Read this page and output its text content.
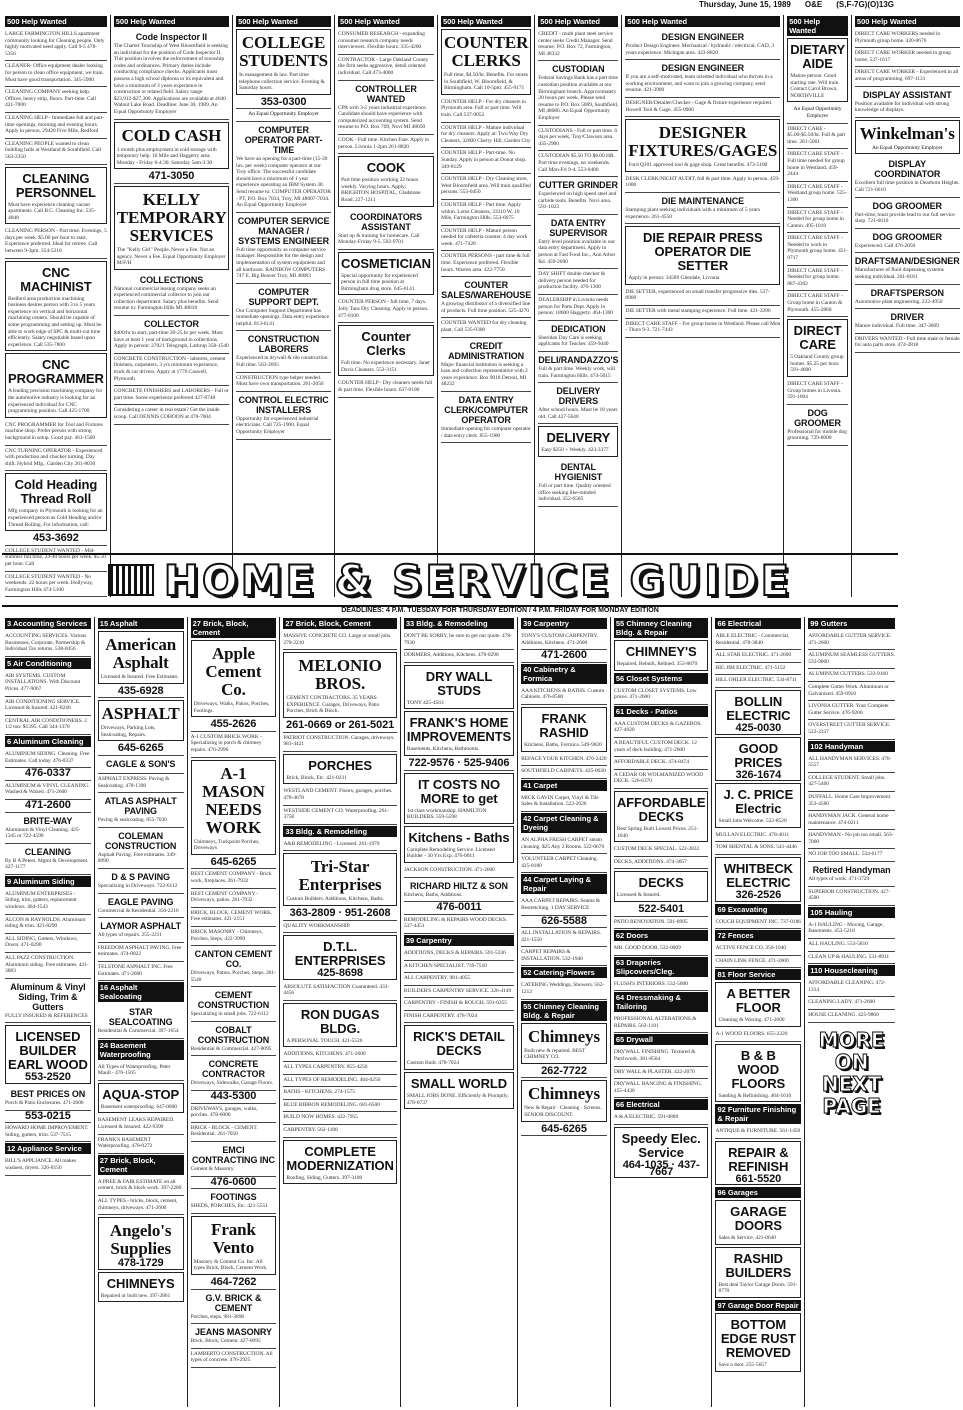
Thursday, June 15, 1989 O&E (S,F-7G)(O)13G
500 Help Wanted
LARGE FARMINGTON HILLS apartment community looking for Cleaning people. Only highly motivated need apply. Call 9-5 478-5356
CLEANER- Office equipment dealer looking for person to clean office equipment, we train. Must have good transportation. 345-5900
CLEANING COMPANY seeking help. Offices, heavy strip, floors. Part-time. Call 421-7000
CLEANING HELP - Immediate full and part-time openings, morning and evening hours. Apply in person. 29420 Five Mile, Redford
CLEANING PEOPLE wanted to clean building halls at Westland & Southfield. Call 563-2350
CLEANING PERSONNEL
Must have experience cleaning vacant apartments. Call B.C. Cleaning Inc. 535-4848
CLEANING PERSON - Part time. Evenings, 5 days per week. $5.00 per hour to start. Experience preferred. Ideal for retiree. Call between 9-3pm. 354-5210
CNC MACHINIST
Redford area production machining business desires person with 3 to 5 years experience on vertical and horizontal machining centers. Should be capable of some programming and setting up. Must be able to work edge of SPC & multi-cut time efficiently. Salary negotiable based upon experience. Call 535-7800
CNC PROGRAMMER
A leading precision machining company for the automotive industry is looking for an experienced individual for CNC programming position. Call 425-1700
CNC PROGRAMMER for Tool and Fixtures machine shop. Prefer person with strong background in setup. Good pay. 461-1500
CNC TURNING OPERATOR - Experienced with production and chucker turning. Day shift. Hybrid Mfg., Garden City 261-8030
Cold Heading Thread Roll
Mfg company in Plymouth is looking for an experienced person as Cold Heading and/or Thread Rolling. For information, call:
453-3692
COLLEGE STUDENT WANTED - Mid-summer full time, 24-40 hours per week. $5.50 per hour. Call
COLLEGE STUDENT WANTED - No weekends. 22 hours per week. Hollyway, Farmington Hills 474-5100
500 Help Wanted
Code Inspector II
The Charter Township of West Bloomfield is seeking an individual for the position of Code Inspector II. This position involves the enforcement of township codes and ordinances. Primary duties include conducting compliance checks. Applicants must possess a high school diploma or its equivalent and have a minimum of 3 years experience in construction or related field. Salary range $23,912-$27,300. Applications are available at 4640 Walnut Lake Road. Deadline: June 30, 1989. An Equal Opportunity Employer
COLD CASH
1 month plus employment in cold storage with temporary help. 10 Mile and Haggerty area. Monday - Friday 6-4:30. Saturday 5am-3:30
471-3050
KELLY TEMPORARY SERVICES
The "Kelly Girl" People. Never a Fee. Not an agency. Never a Fee. Equal Opportunity Employer M/F/H
COLLECTIONS
National commercial leasing company seeks an experienced commercial collector to join our collection department. Salary plus benefits. Send resume to: Farmington Hills MI 48018
COLLECTOR
$400/hr to start, part-time 20-25 hr per week. Must have at least 1 year of background in collections. Apply in person: 27021 Telegraph, Lathrup 358-1540
CONCRETE CONSTRUCTION - laborers, cement finishers, carpenters, 3 yrs minimum experience, truck & car drivers. Apply at 1776 Caswell, Plymouth
CONCRETE FINISHERS and LABORERS - Full or part time. Some experience preferred 427-8748
Considering a career in real estate? Get the inside scoop. Call DENNIS COHOON at 478-7004
500 Help Wanted
COLLEGE STUDENTS
In management & law. Part time telephone collection service. Evening & Saturday hours.
353-0300
An Equal Opportunity Employer
COMPUTER OPERATOR PART-TIME
We have an opening for a part-time (15-20 hrs. per week) computer operator at our Troy office. The successful candidate should have a minimum of 1 year experience operating an IBM System 38. Send resume to: COMPUTER OPERATOR - PT, P.O. Box 7034, Troy, MI 48007-7034. An Equal Opportunity Employer
COMPUTER SERVICE MANAGER / SYSTEMS ENGINEER
Full time opportunity as computer service manager. Responsible for the design and implementation of system equipment and all hardware. RAINBOW COMPUTERS 747 E. Big Beaver Troy, MI 48083
COMPUTER SUPPORT DEPT.
Our Computer Support Department has immediate openings. Data entry experience helpful. 813-6141
CONSTRUCTION LABORERS
Experienced in drywall & tile construction. Full time. 563-2695
CONSTRUCTION type helper needed. Must have own transportation. 261-2056
CONTROL ELECTRIC INSTALLERS
Opportunity for experienced industrial electricians. Call 725-1900. Equal Opportunity Employer
500 Help Wanted
CONSUMER RESEARCH - expanding consumer research company needs interviewers. Flexible hours. 335-4200
CONTRACTOR - Large Oakland County tile firm seeks aggressive, detail oriented individual. Call 473-4000
CONTROLLER WANTED
CPA with 3-5 years industrial experience. Candidate should have experience with computerized accounting system. Send resume to P.O. Box 709, Novi MI 48050
COOK - Full time. Kitchen Fare. Apply in person. Livonia 1-2pm 261-8820
COOK
Part time position working 22 hours weekly. Varying hours. Apply: BRIGHTON HOSPITAL, Gladstone Road. 227-1211
COORDINATORS ASSISTANT
Start up & training for homecare. Call Monday-Friday 9-5. 592-9701
COSMETICIAN
Special opportunity for experienced person in full time position at Birmingham drug store. 645-6141
COUNTER PERSON - full time, 7 days. Jolly Tans Dry Cleaning. Apply in person. 477-0100
Counter Clerks
Full time. No experience necessary. Janet Davis Cleaners. 553-3151
COUNTER HELP - Dry cleaners needs full & part time. Flexible hours. 637-0100
500 Help Wanted
COUNTER CLERKS
Full time, $4.50/hr. Benefits. For stores in Southfield, W. Bloomfield, & Birmingham. Call 10-5pm: 455-9171
COUNTER HELP - For dry cleaners in Plymouth area. Full or part time. Will train. Call 537-9052
COUNTER HELP - Mature individual for dry cleaners. Apply at: Two Way Dry Cleaners, 32600 Cherry Hill, Garden City
COUNTER HELP - Part-time. No Sunday. Apply in person at Donut shop. 349-8129
COUNTER HELP - Dry Cleaning store, West Bloomfield area. Will train qualified persons. 553-0450
COUNTER HELP - Part time. Apply within. Lotus Cleaners, 33310 W. 10 Mile, Farmington Hills. 553-6075
COUNTER HELP - Mature person needed for cafeteria counter. 4 day work week. 471-7420
COUNTER PERSONS - part time & full time. Experience preferred. Flexible hours. Warren area. 422-7750
COUNTER SALES/WAREHOUSE
A growing distributor of a diversified line of products. Full time position. 525-4270
COUNTER WANTED for dry cleaning plant. Call 535-9300
CREDIT ADMINISTRATION
Major financial institution is seeking a loan and collection representative with 2 years experience. Box 9018 Detroit, MI 48232
DATA ENTRY CLERK/COMPUTER OPERATOR
Immediate opening for computer operator / data entry clerk. 855-1900
500 Help Wanted
CREDIT - multi plant steel service center seeks Credit Manager. Send resume: P.O. Box 72, Farmington, MI 48332
CUSTODIAN
Federal Savings Bank has a part time custodian position available at our Birmingham branch. Approximately 20 hours per week. Please send resume to P.O. Box 5089, Southfield, MI 48086. An Equal Opportunity Employer
CUSTODIANS - Full or part time. 6 days per week, Troy/Clawson area. 435-2900
CUSTODIAN $5.50 TO $6.00 HR. Part time evenings, no weekends. Call Mon-Fri 9-4. 553-0480
CUTTER GRINDER
Experienced on high speed steel and carbide tools. Benefits. Novi area. 591-1023
DATA ENTRY SUPERVISOR
Entry level position available in our data entry department. Apply in person at Fast Food Inc., Ann Arbor Rd. 459-2090
DAY SHIFT double checker & delivery person needed for production facility. 476-1300
DEALERSHIP in Livonia needs person for Parts Dept. Apply in person: 18600 Haggerty. 464-1300
DEDICATION
Sheridan Day Care is seeking applicants for Teacher. 459-9440
DELI/RANDAZZO'S
Full & part time. Weekly work, will train. Farmington Hills. 474-5015
DELIVERY DRIVERS
After school hours. Must be 18 years old. Call 427-5640
DELIVERY
Easy $250 + Weekly. 423-3377
DENTAL HYGIENIST
Full or part time. Quality oriented office seeking like-minded individual. 352-6505
500 Help Wanted
DESIGN ENGINEER
Product Design Engineer. Mechanical / hydraulic / electrical. CAD, 3 years experience. Michigan area. 423-8820
DESIGN ENGINEER
If you are a self-motivated, team oriented individual who thrives in a working environment, and want to join a growing company, send resume. 421-3900
DESIGNER/Detailer/Checker - Gage & fixture experience required. Howell Tool & Gage. 455-0900
DESIGNER FIXTURES/GAGES
Ford Q101 approved tool & gage shop. Great benefits. 473-5100
DESK CLERK/NIGHT AUDIT, full & part time. Apply in person. 459-1000
DIE MAINTENANCE
Stamping plant seeking individuals with a minimum of 5 years experience. 261-4550
DIE REPAIR PRESS OPERATOR DIE SETTER
Apply in person: 34589 Glendale, Livonia
DIE SETTER, experienced on small transfer progressive dies. 537-8900
DIE SETTER with metal stamping experience. Full time. 421-3396
DIRECT CARE STAFF - For group home in Westland. Please call Mon - Thurs 9-3. 721-7443
500 Help Wanted
DIETARY AIDE
Mature person. Good starting rate. Will train. Contact Carol Brown, NORTHVILLE
An Equal Opportunity Employer
DIRECT CARE - $5.00-$5.50/hr. Full & part time. 281-5001
DIRECT CARE STAFF - Full time needed for group home in Westland. 459-2444
DIRECT CARE STAFF - Westland group home. 525-1300
DIRECT CARE STAFF - Needed for group home in Canton. 495-1010
DIRECT CARE STAFF - Needed to work in Plymouth group home. 451-0717
DIRECT CARE STAFF - Needed for group home. 887-4302
DIRECT CARE STAFF - Group home in Canton & Plymouth. 455-2860
DIRECT CARE
5 Oakland County group homes. $5.25 per hour. 591-4600
DIRECT CARE STAFF - Group homes in Livonia. 591-1004
DOG GROOMER
Professional for mobile dog grooming. 729-8000
500 Help Wanted
DIRECT CARE WORKERS needed in Plymouth group home. 420-0676
DIRECT CARE WORKER needed in group home. 537-1617
DIRECT CARE WORKER - Experienced in all areas of programming. 697-1131
DISPLAY ASSISTANT
Position available for individual with strong knowledge of displays.
Winkelman's
An Equal Opportunity Employer
DISPLAY COORDINATOR
Excellent full time position in Dearborn Heights. Call 721-6610
DOG GROOMER
Part-time, must provide lead to our full service shop. 721-6610
DOG GROOMER
Experienced. Call 476-2050
DRAFTSMAN/DESIGNER
Manufacturer of fluid dispensing systems seeking individual. 261-0181
DRAFTSPERSON
Automotive plant engineering. 222-4950
DRIVER
Mature individual. Full time. 347-3609
DRIVERS WANTED - Full time male or female for auto parts store. 474-2818
HOME & SERVICE GUIDE
DEADLINES: 4 P.M. TUESDAY FOR THURSDAY EDITION / 4 P.M. FRIDAY FOR MONDAY EDITION
3 Accounting Services
ACCOUNTING SERVICES. Various Businesses, Corporate, Partnership & Individual Tax returns. 538-0456
5 Air Conditioning
AIR SYSTEMS. CUSTOM INSTALLATIONS. With Discount Prices. 477-9067
AIR CONDITIONING SERVICE. Licensed & Insured. 421-0240
CENTRAL AIR CONDITIONERS. 2 1/2 ton: $1395. Call 344-1378
6 Aluminum Cleaning
ALUMINUM SIDING. Cleaning. Free Estimates. Call today. 476-0337
476-0337
ALUMINUM & VINYL CLEANING. Washed & Waxed. 471-2600
471-2600
BRITE-WAY
Aluminum & Vinyl Cleaning. 425-1345 or 722-4590
CLEANING
By B A Peters. Mgmt & Development. 427-1177
9 Aluminum Siding
ALUMINUM ENTERPRISES - Siding, trim, gutters, replacement windows. 464-1543
ALCON & RAYNOLDS. Aluminum siding & trim. 421-8290
ALL SIDING, Gutters, Windows, Doors. 471-0290
ALL PAZZ CONSTRUCTION. Aluminum siding. Free estimates. 421-3883
Aluminum & Vinyl Siding, Trim & Gutters
FULLY INSURED & REFERENCES
LICENSED BUILDER EARL WOOD
553-2520
BEST PRICES ON
Porch & Patio Enclosures. 471-2600
553-0215
HOWARD HOME IMPROVEMENT. Siding, gutters, trim. 537-7515
12 Appliance Service
BILL'S APPLIANCE. All makes washers, dryers. 326-8150
15 Asphalt
American Asphalt
Licensed & Insured. Free Estimates.
435-6928
ASPHALT
Driveways, Parking Lots, Sealcoating, Repairs.
645-6265
CAGLE & SON'S
ASPHALT EXPRESS. Paving & Sealcoating. 478-1390
ATLAS ASPHALT PAVING
Paving & sealcoating. 855-7030
COLEMAN CONSTRUCTION
Asphalt Paving. Free estimates. 349-8090
D & S PAVING
Specializing in Driveways. 722-6112
EAGLE PAVING
Commercial & Residential. 356-2216
LAYMOR ASPHALT
All types of repairs. 255-2211
FREEDOM ASPHALT PAVING. Free estimates. 474-0022
TELSTONE ASPHALT INC. Free Estimates. 471-2600
16 Asphalt Sealcoating
STAR SEALCOATING
Residential & Commercial. 397-1654
24 Basement Waterproofing
All Types of Waterproofing. Peter Maull - 476-1565
AQUA-STOP
Basement waterproofing. 647-0800
BASEMENT LEAKS REPAIRED. Licensed & Insured. 422-9390
FRANK'S BASEMENT Waterproofing. 478-0272
27 Brick, Block, Cement
A PREE & FAIR ESTIMATE on all cement, brick & block work. 397-2200
ALL TYPES - bricks, block, cement, chimneys, driveways. 471-2600
Angelo's Supplies
478-1729
CHIMNEYS
Repaired or built new. 397-2861
27 Brick, Block, Cement
Apple Cement Co.
Driveways, Walks, Patios, Porches, Footings.
455-2626
A-1 CUSTOM BRICK WORK - Specializing in porch & chimney repairs. 476-2990
A-1 MASON NEEDS WORK
Chimneys, Tuckpoint Porches, Driveways
645-6265
BEST CEMENT COMPANY - Brick work, fireplaces. 261-7932
BEST CEMENT COMPANY - Driveways, patios. 261-7932
BRICK, BLOCK, CEMENT WORK. Free estimates. 421-2151
BRICK MASONRY - Chimneys, Porches, Steps. 422-3999
CANTON CEMENT CO.
Driveways, Patios, Porches, Steps. 261-5540
CEMENT CONSTRUCTION
Specializing in small jobs. 722-6112
COBALT CONSTRUCTION
Residential & Commercial. 427-0095
CONCRETE CONTRACTOR
Driveways, Sidewalks, Garage Floors.
443-5300
DRIVEWAYS, garages, walks, porches. 478-6000
BRICK - BLOCK - CEMENT. Residential. 261-7050
EMCI CONTRACTING INC
Cement & Masonry.
476-0600
FOOTINGS
SHEDS, PORCHES, Etc. 421-5551
Frank Vento
Masonry & Cement Co. Inc. All types Brick, Block, Cement Work.
464-7262
G.V. BRICK & CEMENT
Porches, steps. 981-3896
JEANS MASONRY
Brick, Block, Cement. 427-0095
LAMBERTO CONSTRUCTION. All types of concrete. 476-2925
27 Brick, Block, Cement
MASSIVE CONCRETE CO. Large or small jobs. 278-2210
MELONIO BROS.
CEMENT CONTRACTORS. 35 YEARS EXPERIENCE. Garages, Driveways, Patio Porches, Brick & Block.
261-0669 or 261-5021
PATRIOT CONSTRUCTION. Garages, driveways. 981-4421
PORCHES
Brick, Block, Etc. 421-0231
WESTLAND CEMENT. Floors, garages, porches. 478-4678
WESTSIDE CEMENT CO. Waterproofing. 261-3758
33 Bldg. & Remodeling
A&B REMODELING - Licensed. 261-1970
Tri-Star Enterprises
Custom Builders. Additions, Kitchens, Baths.
363-2809 · 951-2608
QUALITY WORKMANSHIP.
D.T.L. ENTERPRISES
425-8698
ABSOLUTE SATISFACTION Guaranteed. 433-4456
RON DUGAS BLDG.
A PERSONAL TOUCH. 421-5526
ADDITIONS, KITCHENS. 471-2600
ALL TYPES CARPENTRY. 855-4250
ALL TYPES OF REMODELING. 464-0250
BATHS - KITCHENS. 274-1575
BLUE RIBBON REMODELING. 681-6500
BUILD NOW HOMES. 422-7955
CARPENTRY. 562-1188
COMPLETE MODERNIZATION
Roofing, Siding, Gutters. 397-3100
33 Bldg. & Remodeling
DON'T BE SORRY, be sure to get our quote. 478-7930
DORMERS, Additions, Kitchens. 478-0290
DRY WALL STUDS
TONY 425-4563
FRANK'S HOME IMPROVEMENTS
Basements, Kitchens, Bathrooms.
722-9576 · 525-9406
IT COSTS NO MORE to get
1st class workmanship. HAMILTON BUILDERS. 559-5598
Kitchens - Baths
Complete Remodeling Service. Licensed Builder - 30 Yrs Exp. 476-0011
JACKSON CONSTRUCTION. 471-2600
RICHARD HILTZ & SON
Kitchens, Baths, Additions.
476-0011
REMODELING & REPAIRS WOOD DECKS. 537-4451
39 Carpentry
ADDITIONS, DECKS & REPAIRS. 591-5336
A KITCHEN SPECIALIST. 739-7510
ALL CARPENTRY. 981-4055
BUILDER'S CARPENTRY SERVICE. 326-4149
CARPENTRY - FINISH & ROUGH. 591-0355
FINISH CARPENTRY. 478-7024
RICK'S DETAIL DECKS
Custom Built. 478-7024
SMALL WORLD
SMALL JOBS DONE. Efficiently & Promptly. 478-0737
39 Carpentry
TONY'S CUSTOM CARPENTRY. Additions, Kitchens. 471-2600
471-2600
40 Cabinetry & Formica
AAA KITCHENS & BATHS. Custom Cabinets. 476-0580
FRANK RASHID
Kitchens, Baths, Formica. 549-9820
REFACE YOUR KITCHEN. 476-2420
SOUTHFIELD CABINETS. 425-0030
41 Carpet
MICK GAVIN Carpet, Vinyl & Tile Sales & Installation. 522-2026
42 Carpet Cleaning & Dyeing
AN ALPHA FRESH CARPET steam cleaning. $25 Any 2 Rooms. 522-0670
VOLUNTEER CARPET Cleaning. 425-8180
44 Carpet Laying & Repair
AAA CARPET REPAIRS. Seams & Restretching. 1 DAY SERVICE
626-5588
ALL INSTALLATION & REPAIRS. 421-1550
CARPET REPAIRS & INSTALLATION. 532-1940
52 Catering-Flowers
CATERING Weddings, Showers. 562-1212
55 Chimney Cleaning Bldg. & Repair
Chimneys
Built new & repaired. BEST CHIMNEY CO.
262-7722
Chimneys
New & Repair · Cleaning · Screens. SENIOR DISCOUNT.
645-6265
55 Chimney Cleaning Bldg. & Repair
CHIMNEY'S
Repaired, Rebuilt, Relined. 353-8870
56 Closet Systems
CUSTOM CLOSET SYSTEMS. Low prices. 471-2600
61 Decks - Patios
AAA CUSTOM DECKS & GAZEBOS. 427-4020
A BEAUTIFUL CUSTOM DECK. 12 years of deck building. 471-2600
AFFORDABLE DECK. 474-8474
A CEDAR OR WOLMANIZED WOOD DECK. 526-6370
AFFORDABLE DECKS
Best Spring Built Lowest Prices. 251-1640
CUSTOM DECK SPECIAL. 522-2832
DECKS, ADDITIONS. 474-3057
DECKS
Licensed & Insured.
522-5401
PATIO RENOVATION. 591-8995
62 Doors
MR. GOOD DOOR. 532-0009
63 Draperies Slipcovers/Cleg.
FLUSH'S INTERIORS. 532-5000
64 Dressmaking & Tailoring
PROFESSIONAL ALTERATIONS & REPAIRS. 563-1101
65 Drywall
DRYWALL FINISHING. Textured & Patchwork. 381-8504
DRY WALL & PLASTER. 422-2070
DRYWALL HANGING & FINISHING. 455-4430
66 Electrical
A & A ELECTRIC. 591-0880
Speedy Elec. Service
464-1035 · 437-7667
66 Electrical
ABLE ELECTRIC - Commercial, Residential. 478-3840
ALL STAR ELECTRIC. 471-2600
BIG JIM ELECTRIC. 471-5152
BILL OHLER ELECTRIC. 534-8711
BOLLIN ELECTRIC
425-0030
GOOD PRICES
326-1674
J. C. PRICE Electric
Small Jobs Welcome. 522-8520
MULLAN ELECTRIC. 478-4011
TOM SHENTAL & SONS. 541-4446
WHITBECK ELECTRIC
326-2526
69 Excavating
COUCH EQUIPMENT INC. 737-0186
72 Fences
ACTIVE FENCE CO. 356-1040
CHAIN LINK FENCE. 471-2600
81 Floor Service
A BETTER FLOOR
Cleaning & Waxing. 471-2600
A-1 WOOD FLOORS. 655-2220
B & B WOOD FLOORS
Sanding & Refinishing. 464-1610
92 Furniture Finishing & Repair
ANTIQUE & FURNITURE. 561-1450
REPAIR & REFINISH
661-5520
96 Garages
GARAGE DOORS
Sales & Service. 421-0640
RASHID BUILDERS
Best deal Taylor Garage Doors. 591-8770
97 Garage Door Repair
BOTTOM EDGE RUST REMOVED
Save a door. 255-5657
99 Gutters
AFFORDABLE GUTTER SERVICE. 471-2600
ALUMINUM SEAMLESS GUTTERS. 533-9000
ALUMINUM GUTTERS. 533-9160
Complete Gutter Work. Aluminum or Galvanized. 459-0910
LIVONIA GUTTER. Your Complete Gutter Service. 476-9200
OVERSTREET GUTTER SERVICE. 522-2337
102 Handyman
ALL HANDYMAN SERVICES. 476-5557
COLLEGE STUDENT. Small jobs. 427-5460
DUFFALL. Home Care Improvement. 353-4580
HANDYMAN JACK. General home maintenance. 474-0211
HANDYMAN - No job too small. 563-7060
NO JOB TOO SMALL. 534-6177
Retired Handyman
All types of work. 471-3729
SUPERIOR CONSTRUCTION. 427-4500
105 Hauling
A-1 HAULING - Moving, Garage, Basements. 453-5218
ALL HAULING. 553-5810
CLEAN UP & HAULING. 531-8911
110 Housecleaning
AFFORDABLE CLEANING. 472-1314
CLEANING LADY. 471-2600
HOUSE CLEANING. 425-9860
MORE ON NEXT PAGE
